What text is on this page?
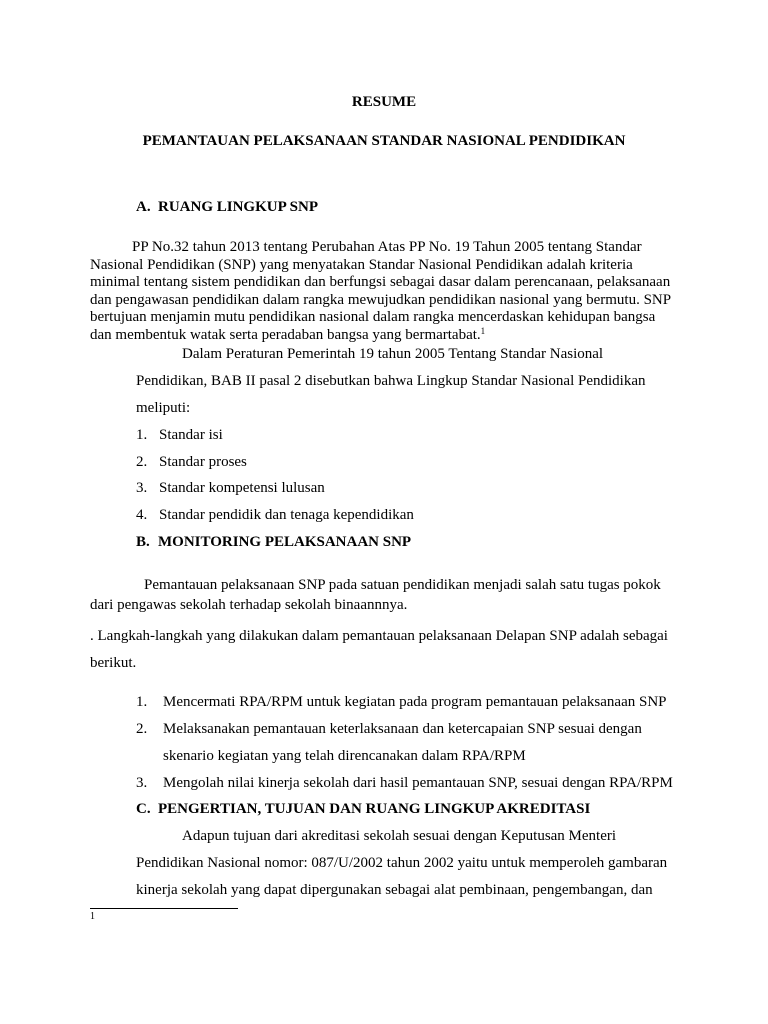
RESUME
PEMANTAUAN PELAKSANAAN STANDAR NASIONAL PENDIDIKAN
A. RUANG LINGKUP SNP
PP No.32 tahun 2013 tentang Perubahan Atas PP No. 19 Tahun 2005 tentang Standar
Nasional Pendidikan (SNP) yang menyatakan Standar Nasional Pendidikan adalah kriteria
minimal tentang sistem pendidikan dan berfungsi sebagai dasar dalam perencanaan, pelaksanaan
dan pengawasan pendidikan dalam rangka mewujudkan pendidikan nasional yang bermutu. SNP
bertujuan menjamin mutu pendidikan nasional dalam rangka mencerdaskan kehidupan bangsa
dan membentuk watak serta peradaban bangsa yang bermartabat.$^1$
Dalam Peraturan Pemerintah 19 tahun 2005 Tentang Standar Nasional
Pendidikan, BAB II pasal 2 disebutkan bahwa Lingkup Standar Nasional Pendidikan
meliputi:
1. Standar isi
2. Standar proses
3. Standar kompetensi lulusan
4. Standar pendidik dan tenaga kependidikan
B. MONITORING PELAKSANAAN SNP
Pemantauan pelaksanaan SNP pada satuan pendidikan menjadi salah satu tugas pokok
dari pengawas sekolah terhadap sekolah binaannnya.
. Langkah-langkah yang dilakukan dalam pemantauan pelaksanaan Delapan SNP adalah sebagai
berikut.
1. Mencermati RPA/RPM untuk kegiatan pada program pemantauan pelaksanaan SNP
2. Melaksanakan pemantauan keterlaksanaan dan ketercapaian SNP sesuai dengan
skenario kegiatan yang telah direncanakan dalam RPA/RPM
3. Mengolah nilai kinerja sekolah dari hasil pemantauan SNP, sesuai dengan RPA/RPM
C. PENGERTIAN, TUJUAN DAN RUANG LINGKUP AKREDITASI
Adapun tujuan dari akreditasi sekolah sesuai dengan Keputusan Menteri
Pendidikan Nasional nomor: 087/U/2002 tahun 2002 yaitu untuk memperoleh gambaran
kinerja sekolah yang dapat dipergunakan sebagai alat pembinaan, pengembangan, dan
1
